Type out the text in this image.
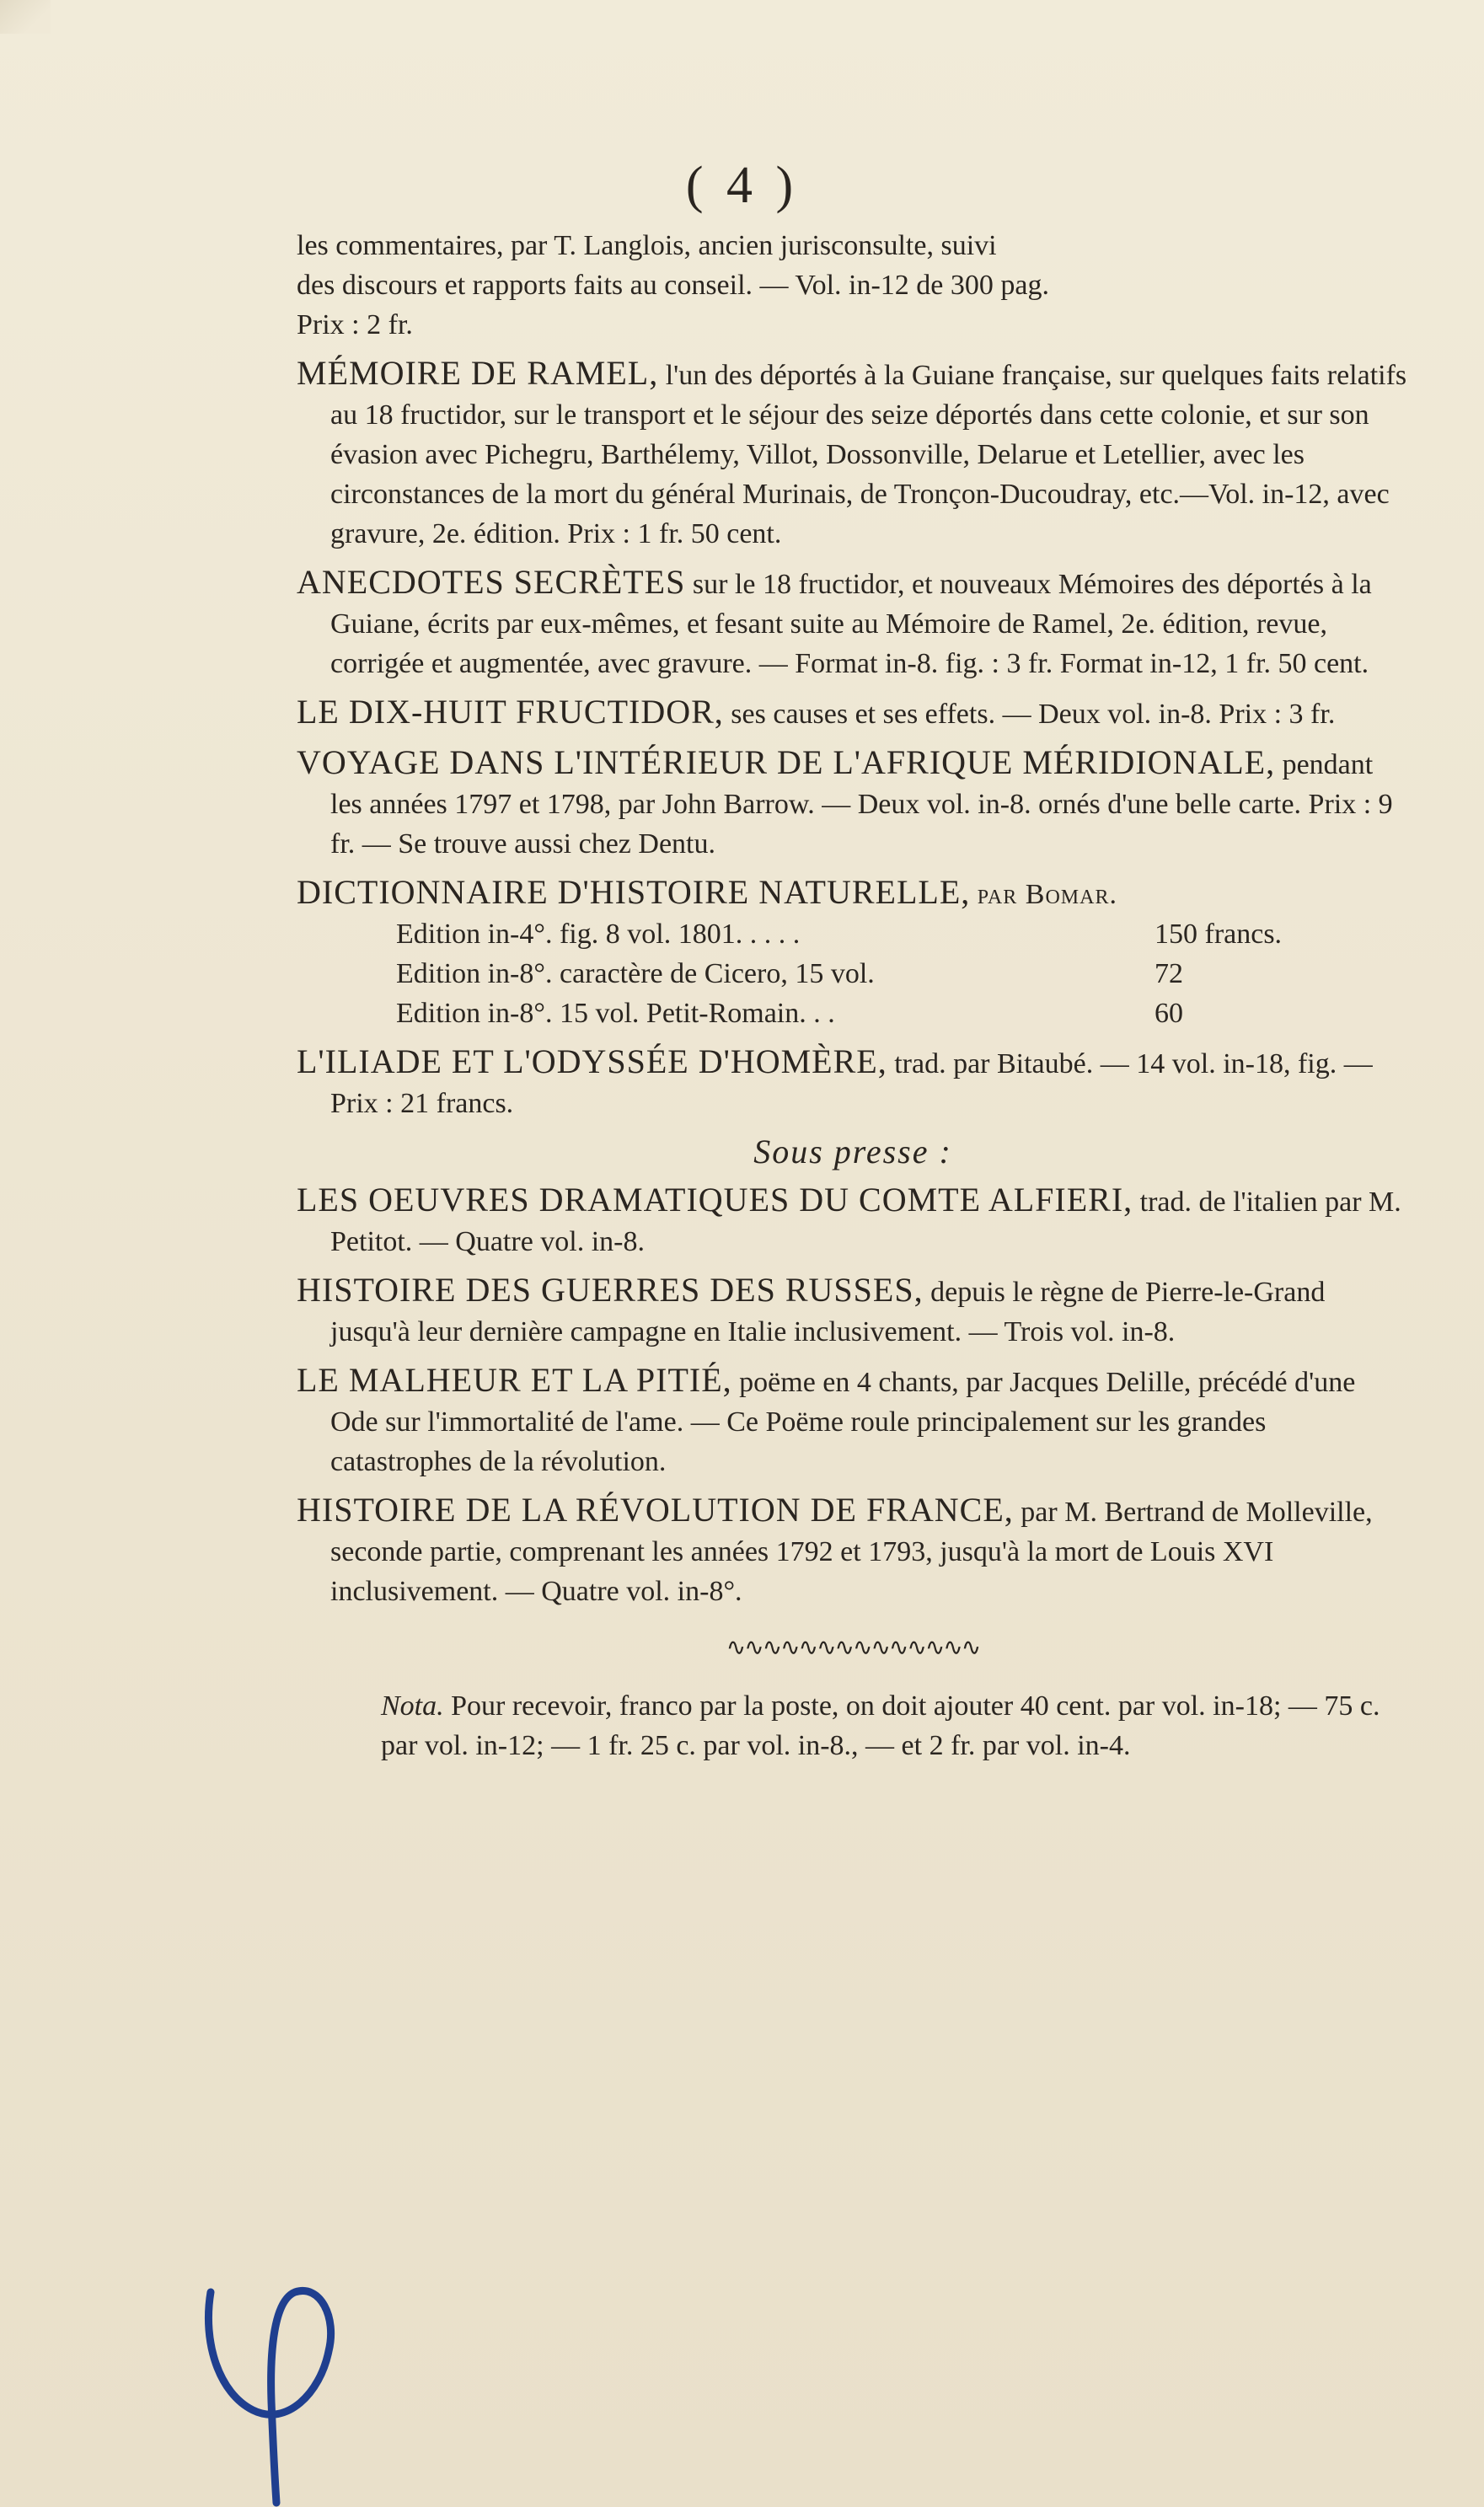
( 4 )
les commentaires, par T. Langlois, ancien jurisconsulte, suivi
des discours et rapports faits au conseil. — Vol. in-12 de 300 pag.
Prix : 2 fr.
MÉMOIRE DE RAMEL, l'un des déportés à la Guiane française, sur quelques faits relatifs au 18 fructidor, sur le transport et le séjour des seize déportés dans cette colonie, et sur son évasion avec Pichegru, Barthélemy, Villot, Dossonville, Delarue et Letellier, avec les circonstances de la mort du général Murinais, de Tronçon-Ducoudray, etc.—Vol. in-12, avec gravure, 2e. édition. Prix : 1 fr. 50 cent.
ANECDOTES SECRÈTES sur le 18 fructidor, et nouveaux Mémoires des déportés à la Guiane, écrits par eux-mêmes, et fesant suite au Mémoire de Ramel, 2e. édition, revue, corrigée et augmentée, avec gravure. — Format in-8. fig. : 3 fr. Format in-12, 1 fr. 50 cent.
LE DIX-HUIT FRUCTIDOR, ses causes et ses effets. — Deux vol. in-8. Prix : 3 fr.
VOYAGE DANS L'INTÉRIEUR DE L'AFRIQUE MÉRIDIONALE, pendant les années 1797 et 1798, par John Barrow. — Deux vol. in-8. ornés d'une belle carte. Prix : 9 fr. — Se trouve aussi chez Dentu.
DICTIONNAIRE D'HISTOIRE NATURELLE, par Bomar.
Edition in-4°. fig. 8 vol. 1801. . . . .	150 francs.
Edition in-8°. caractère de Cicero, 15 vol.	72
Edition in-8°. 15 vol. Petit-Romain. . .	60
L'ILIADE ET L'ODYSSÉE D'HOMÈRE, trad. par Bitaubé. — 14 vol. in-18, fig. — Prix : 21 francs.
Sous presse :
LES OEUVRES DRAMATIQUES DU COMTE ALFIERI, trad. de l'italien par M. Petitot. — Quatre vol. in-8.
HISTOIRE DES GUERRES DES RUSSES, depuis le règne de Pierre-le-Grand jusqu'à leur dernière campagne en Italie inclusivement. — Trois vol. in-8.
LE MALHEUR ET LA PITIÉ, poëme en 4 chants, par Jacques Delille, précédé d'une Ode sur l'immortalité de l'ame. — Ce Poëme roule principalement sur les grandes catastrophes de la révolution.
HISTOIRE DE LA RÉVOLUTION DE FRANCE, par M. Bertrand de Molleville, seconde partie, comprenant les années 1792 et 1793, jusqu'à la mort de Louis XVI inclusivement. — Quatre vol. in-8°.
∿∿∿∿∿∿∿∿∿∿∿∿∿∿
Nota. Pour recevoir, franco par la poste, on doit ajouter 40 cent. par vol. in-18; — 75 c. par vol. in-12; — 1 fr. 25 c. par vol. in-8., — et 2 fr. par vol. in-4.
